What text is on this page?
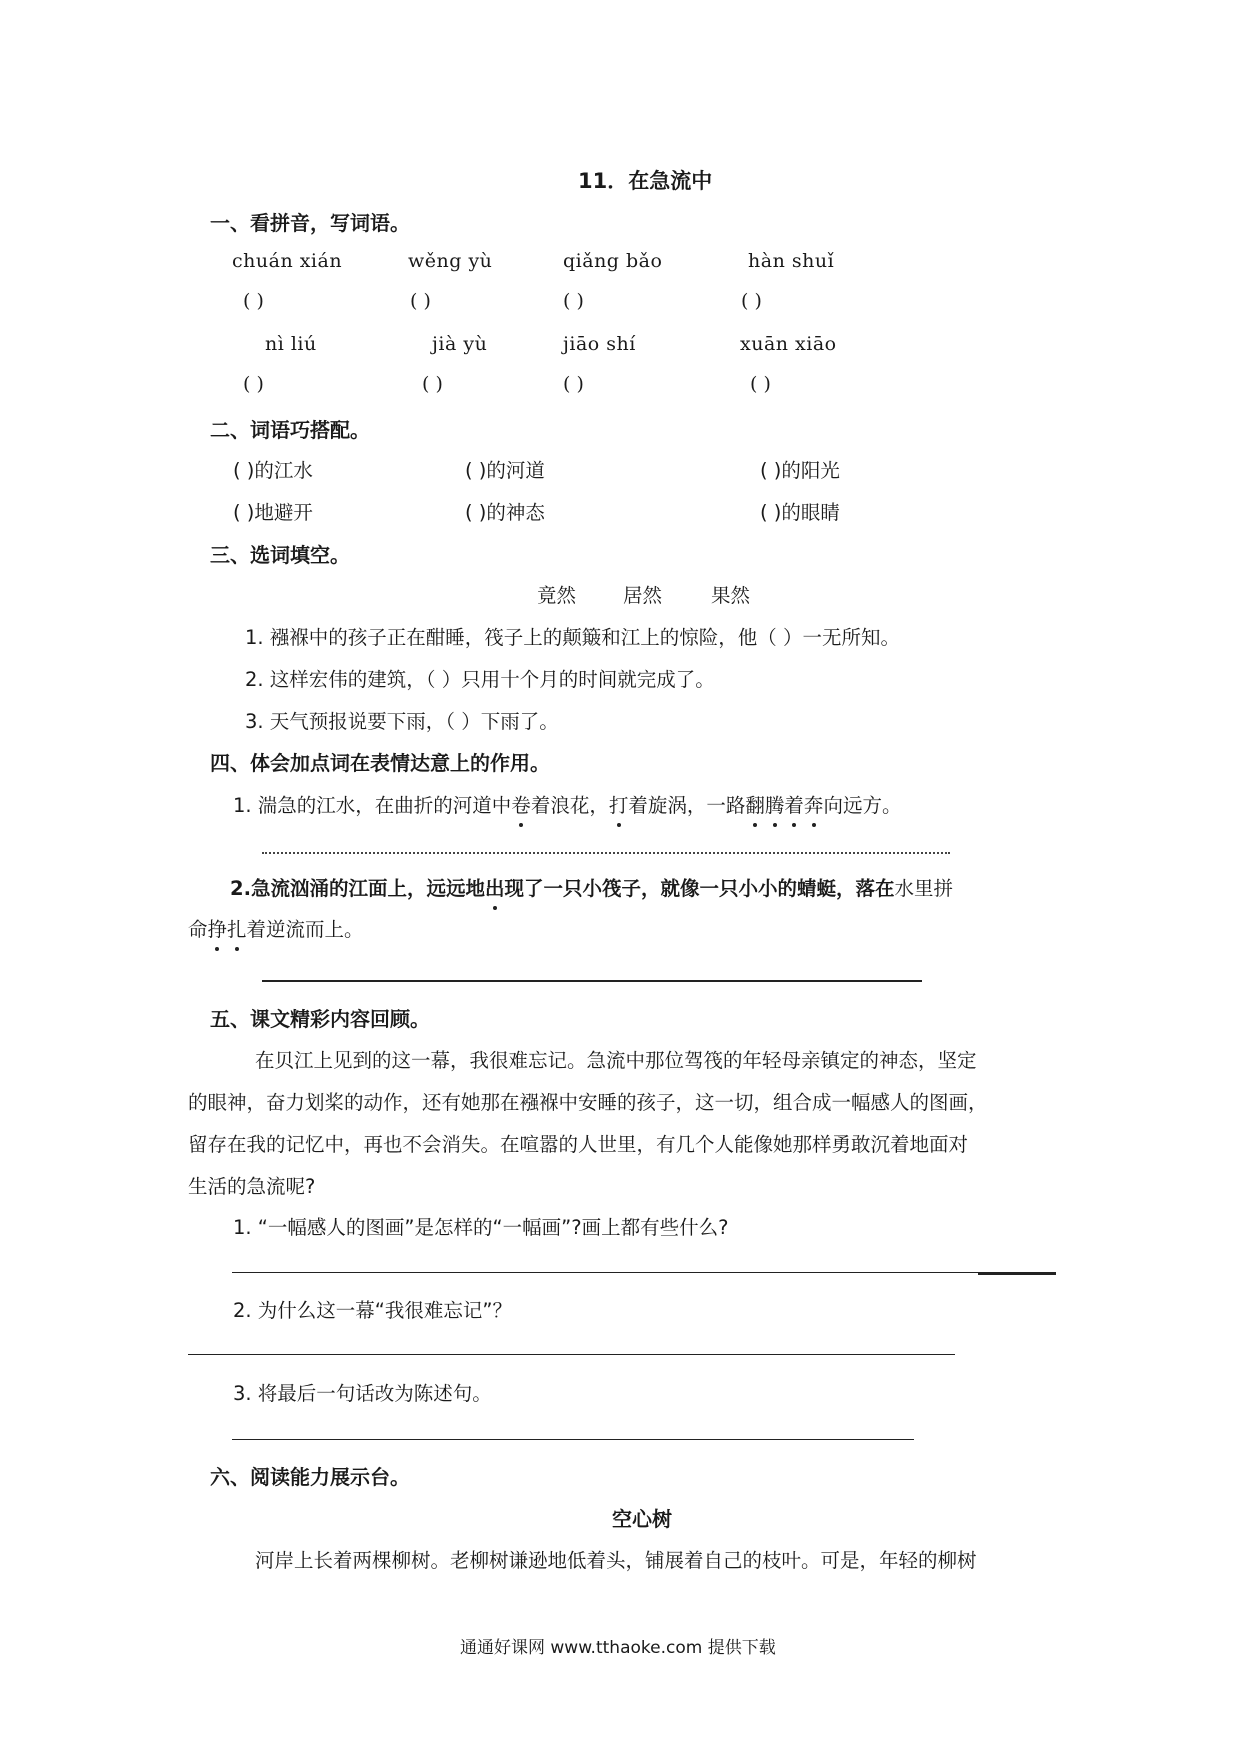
11．在急流中
一、看拼音，写词语。
chuán xián	wěng yù	qiǎng bǎo	hàn shuǐ
( )	( )	( )	( )
nì liú	jià yù	jiāo shí	xuān xiāo
( )	( )	( )	( )
二、词语巧搭配。
( )的江水	( )的河道	( )的阳光
( )地避开	( )的神态	( )的眼睛
三、选词填空。
竟然 居然	果然
1. 襁褓中的孩子正在酣睡，筏子上的颠簸和江上的惊险，他（ ）一无所知。
2. 这样宏伟的建筑，（ ）只用十个月的时间就完成了。
3. 天气预报说要下雨，（ ）下雨了。
四、体会加点词在表情达意上的作用。
1. 湍急的江水，在曲折的河道中卷着浪花，打着旋涡，一路翻腾着奔向远方。
2.急流汹涌的江面上，远远地出现了一只小筏子，就像一只小小的蜻蜓，落在水里拼
命挣扎着逆流而上。
五、课文精彩内容回顾。
在贝江上见到的这一幕，我很难忘记。急流中那位驾筏的年轻母亲镇定的神态，坚定
的眼神，奋力划桨的动作，还有她那在襁褓中安睡的孩子，这一切，组合成一幅感人的图画，
留存在我的记忆中，再也不会消失。在喧嚣的人世里，有几个人能像她那样勇敢沉着地面对
生活的急流呢?
1. “一幅感人的图画”是怎样的“一幅画”?画上都有些什么?
2. 为什么这一幕“我很难忘记”？
3. 将最后一句话改为陈述句。
六、阅读能力展示台。
空心树
河岸上长着两棵柳树。老柳树谦逊地低着头，铺展着自己的枝叶。可是，年轻的柳树
通通好课网 www.tthaoke.com 提供下载
